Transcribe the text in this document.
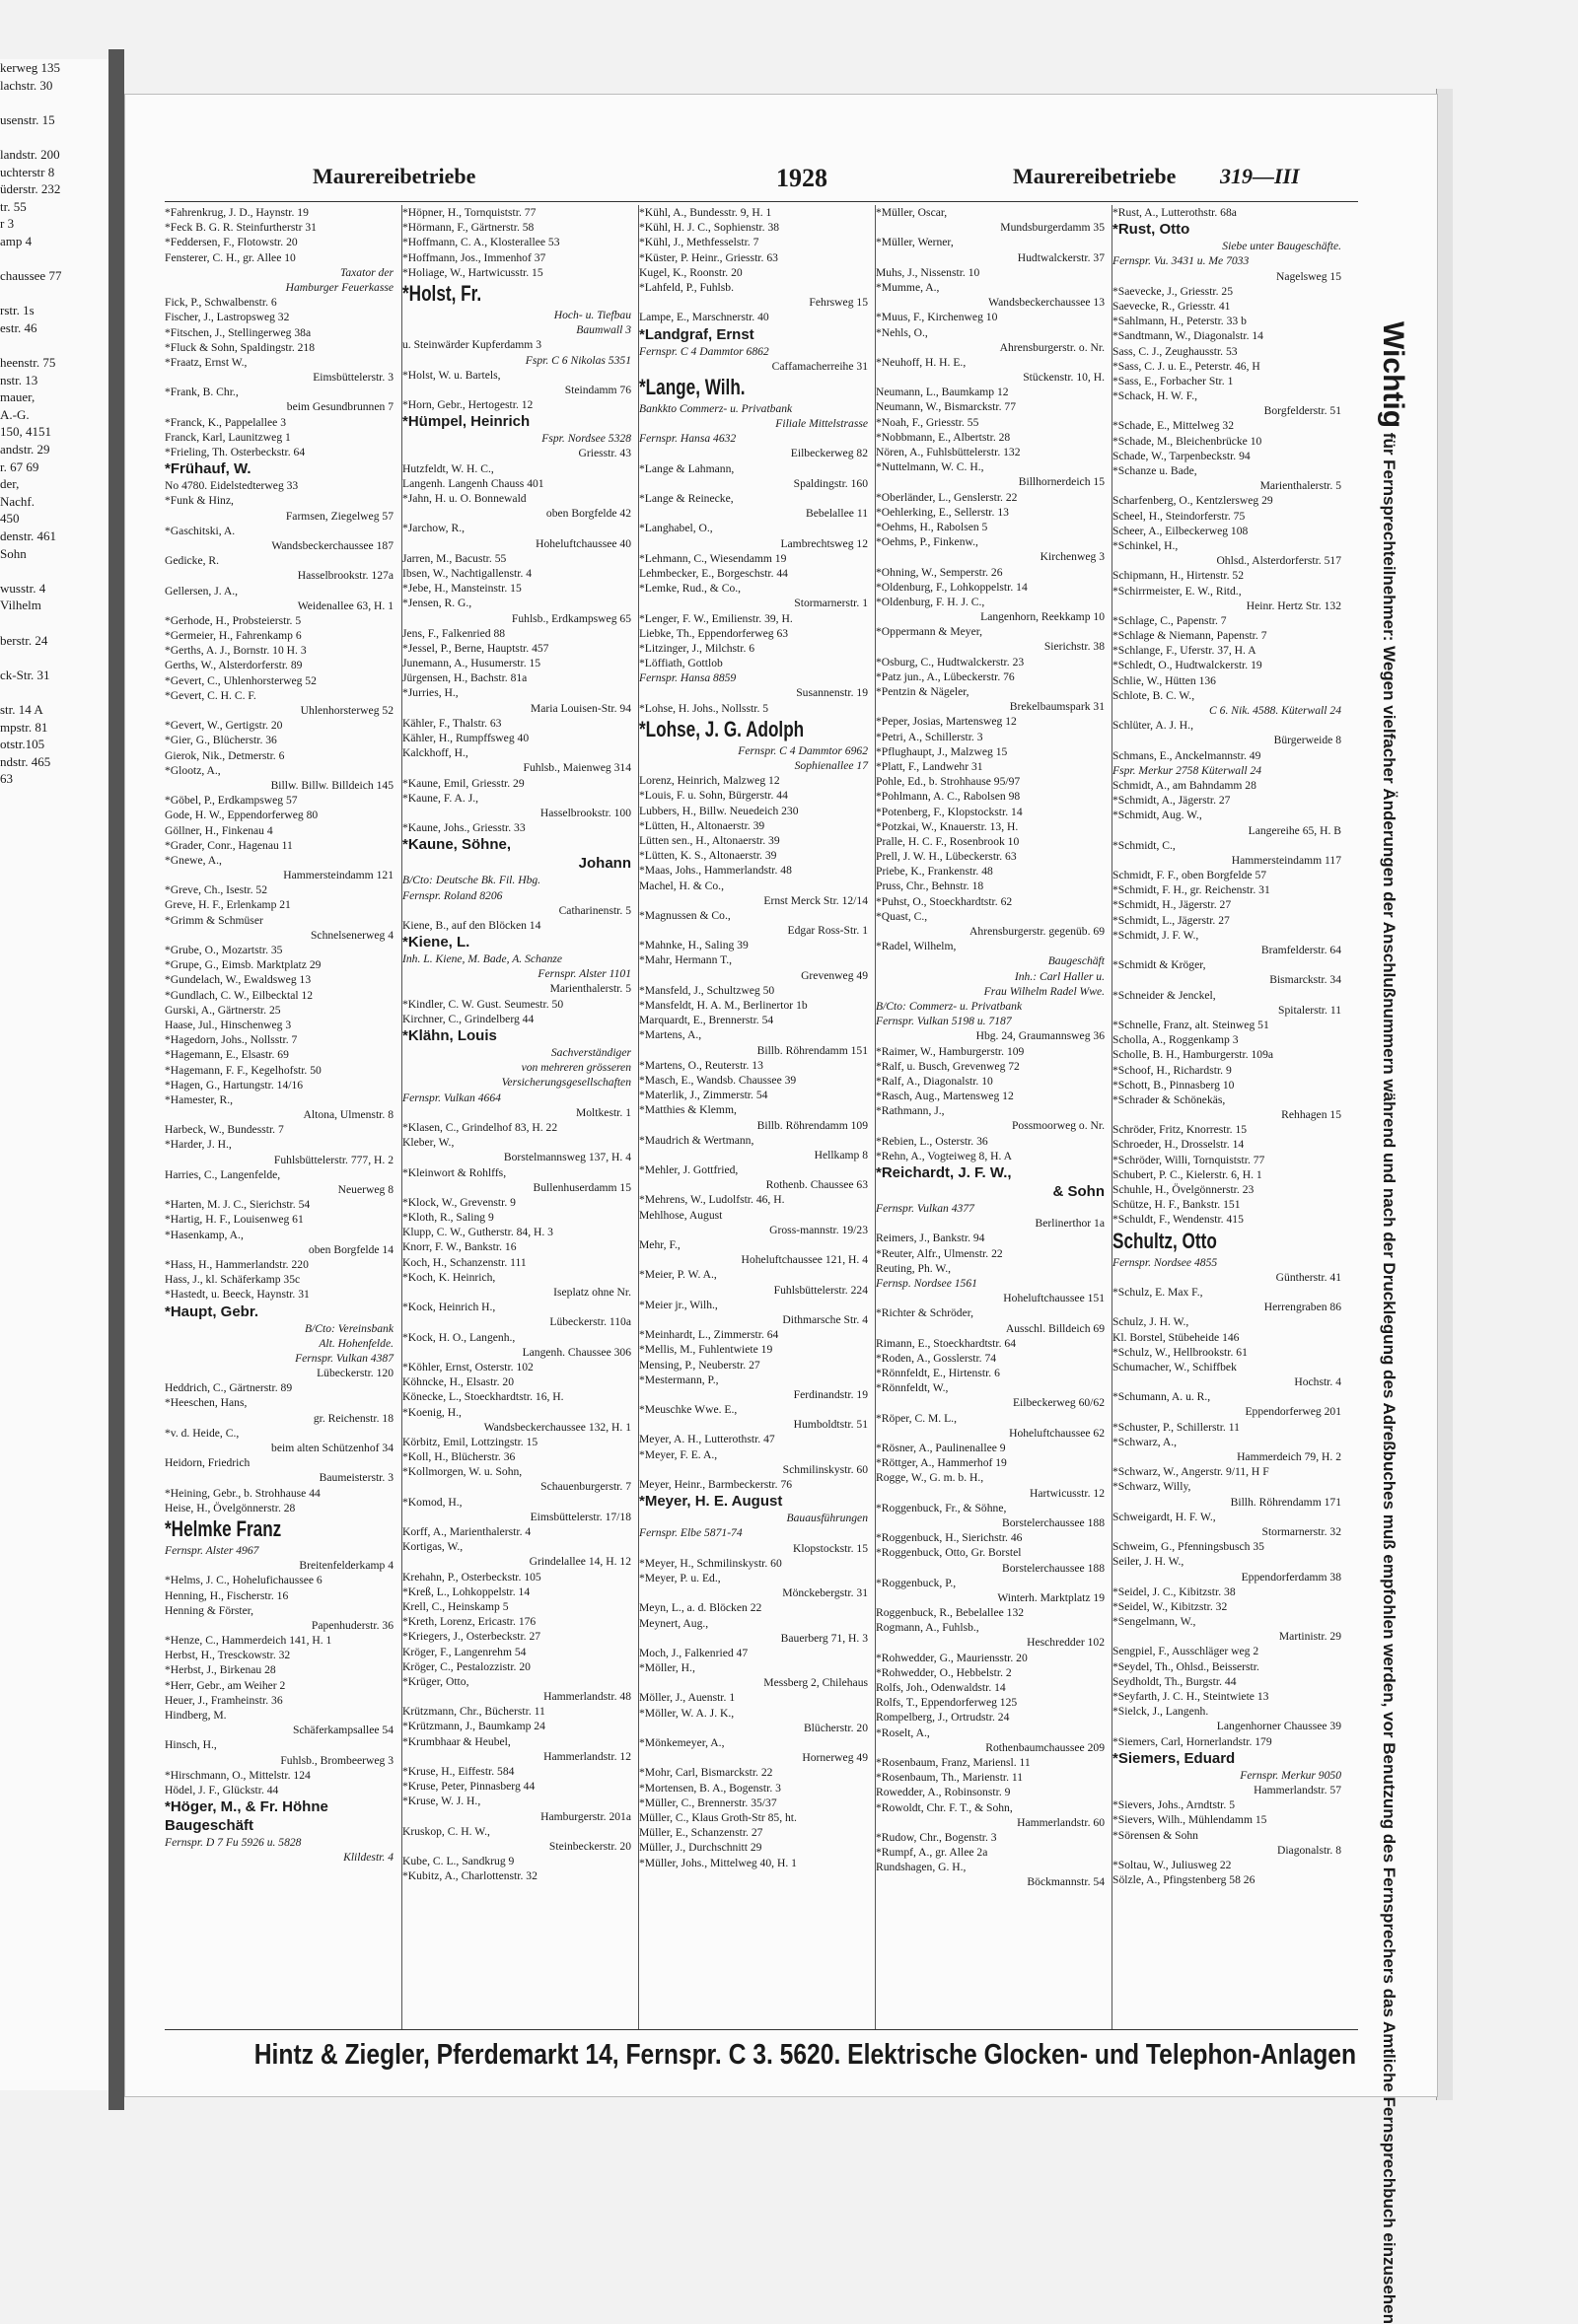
kerweg 135
lachstr. 30
usenstr. 15
landstr. 200
uchterstr 8
üderstr. 232
tr. 55
r 3
amp 4
chaussee 77
rstr. 1s
estr. 46
heenstr. 75
nstr. 13
mauer,
A.-G.
150, 4151
andstr. 29
r. 67 69
der,
Nachf.
450
denstr. 461
Sohn
wusstr. 4
Vilhelm
berstr. 24
ck-Str. 31
str. 14 A
mpstr. 81
otstr.105
ndstr. 465
63
Maurereibetriebe	1928	Maurereibetriebe 319—III
*Fahrenkrug, J. D., Haynstr. 19
*Feck B. G. R. Steinfurtherstr 31
*Feddersen, F., Flotowstr. 20
Fensterer, C. H., gr. Allee 10
Taxator der
Hamburger Feuerkasse
Fick, P., Schwalbenstr. 6
Fischer, J., Lastropsweg 32
*Fitschen, J., Stellingerweg 38a
*Fluck & Sohn, Spaldingstr. 218
*Fraatz, Ernst W.,
Eimsbüttelerstr. 3
*Frank, B. Chr.,
beim Gesundbrunnen 7
*Franck, K., Pappelallee 3
Franck, Karl, Launitzweg 1
*Frieling, Th. Osterbeckstr. 64
*Frühauf, W.
No 4780. Eidelstedterweg 33
*Funk & Hinz,
Farmsen, Ziegelweg 57
*Gaschitski, A.
Wandsbeckerchaussee 187
Gedicke, R.
Hasselbrookstr. 127a
Gellersen, J. A.,
Weidenallee 63, H. 1
*Gerhode, H., Probsteierstr. 5
*Germeier, H., Fahrenkamp 6
*Gerths, A. J., Bornstr. 10 H. 3
Gerths, W., Alsterdorferstr. 89
*Gevert, C., Uhlenhorsterweg 52
*Gevert, C. H. C. F.
Uhlenhorsterweg 52
*Gevert, W., Gertigstr. 20
*Gier, G., Blücherstr. 36
Gierok, Nik., Detmerstr. 6
*Glootz, A.,
Billw. Billw. Billdeich 145
*Göbel, P., Erdkampsweg 57
Gode, H. W., Eppendorferweg 80
Göllner, H., Finkenau 4
*Grader, Conr., Hagenau 11
*Gnewe, A.,
Hammersteindamm 121
*Greve, Ch., Isestr. 52
Greve, H. F., Erlenkamp 21
*Grimm & Schmüser
Schnelsenerweg 4
*Grube, O., Mozartstr. 35
*Grupe, G., Eimsb. Marktplatz 29
*Gundelach, W., Ewaldsweg 13
*Gundlach, C. W., Eilbecktal 12
Gurski, A., Gärtnerstr. 25
Haase, Jul., Hinschenweg 3
*Hagedorn, Johs., Nollsstr. 7
*Hagemann, E., Elsastr. 69
*Hagemann, F. F., Kegelhofstr. 50
*Hagen, G., Hartungstr. 14/16
*Hamester, R.,
Altona, Ulmenstr. 8
Harbeck, W., Bundesstr. 7
*Harder, J. H.,
Fuhlsbüttelerstr. 777, H. 2
Harries, C., Langenfelde,
Neuerweg 8
*Harten, M. J. C., Sierichstr. 54
*Hartig, H. F., Louisenweg 61
*Hasenkamp, A.,
oben Borgfelde 14
*Hass, H., Hammerlandstr. 220
Hass, J., kl. Schäferkamp 35c
*Hastedt, u. Beeck, Haynstr. 31
*Haupt, Gebr.
B/Cto: Vereinsbank
Alt. Hohenfelde.
Fernspr. Vulkan 4387
Lübeckerstr. 120
Heddrich, C., Gärtnerstr. 89
*Heeschen, Hans,
gr. Reichenstr. 18
*v. d. Heide, C.,
beim alten Schützenhof 34
Heidorn, Friedrich
Baumeisterstr. 3
*Heining, Gebr., b. Strohhause 44
Heise, H., Övelgönnerstr. 28
*Helmke Franz
Fernspr. Alster 4967
Breitenfelderkamp 4
*Helms, J. C., Hohelufichaussee 6
Henning, H., Fischerstr. 16
Henning & Förster,
Papenhuderstr. 36
*Henze, C., Hammerdeich 141, H. 1
Herbst, H., Tresckowstr. 32
*Herbst, J., Birkenau 28
*Herr, Gebr., am Weiher 2
Heuer, J., Framheinstr. 36
Hindberg, M.
Schäferkampsallee 54
Hinsch, H.,
Fuhlsb., Brombeerweg 3
*Hirschmann, O., Mittelstr. 124
Hödel, J. F., Glückstr. 44
*Höger, M., & Fr. Höhne
Baugeschäft
Fernspr. D 7 Fu 5926 u. 5828
Klildestr. 4
*Höpner, H., Tornquiststr. 77
*Hörmann, F., Gärtnerstr. 58
*Hoffmann, C. A., Klosterallee 53
*Hoffmann, Jos., Immenhof 37
*Holiage, W., Hartwicusstr. 15
*Holst, Fr.
Hoch- u. Tiefbau
Baumwall 3
u. Steinwärder Kupferdamm 3
Fspr. C 6 Nikolas 5351
*Holst, W. u. Bartels,
Steindamm 76
*Horn, Gebr., Hertogestr. 12
*Hümpel, Heinrich
Fspr. Nordsee 5328
Griesstr. 43
Hutzfeldt, W. H. C.,
Langenh. Langenh Chauss 401
*Jahn, H. u. O. Bonnewald
oben Borgfelde 42
*Jarchow, R.,
Hoheluftchaussee 40
Jarren, M., Bacustr. 55
Ibsen, W., Nachtigallenstr. 4
*Jebe, H., Mansteinstr. 15
*Jensen, R. G.,
Fuhlsb., Erdkampsweg 65
Jens, F., Falkenried 88
*Jessel, P., Berne, Hauptstr. 457
Junemann, A., Husumerstr. 15
Jürgensen, H., Bachstr. 81a
*Jurries, H.,
Maria Louisen-Str. 94
Kähler, F., Thalstr. 63
Kähler, H., Rumpffsweg 40
Kalckhoff, H.,
Fuhlsb., Maienweg 314
*Kaune, Emil, Griesstr. 29
*Kaune, F. A. J.,
Hasselbrookstr. 100
*Kaune, Johs., Griesstr. 33
*Kaune, Söhne,
Johann
B/Cto: Deutsche Bk. Fil. Hbg.
Fernspr. Roland 8206
Catharinenstr. 5
Kiene, B., auf den Blöcken 14
*Kiene, L.
Inh. L. Kiene, M. Bade, A. Schanze
Fernspr. Alster 1101
Marienthalerstr. 5
*Kindler, C. W. Gust. Seumestr. 50
Kirchner, C., Grindelberg 44
*Klähn, Louis
Sachverständiger
von mehreren grösseren
Versicherungsgesellschaften
Fernspr. Vulkan 4664
Moltkestr. 1
*Klasen, C., Grindelhof 83, H. 22
Kleber, W.,
Borstelmannsweg 137, H. 4
*Kleinwort & Rohlffs,
Bullenhuserdamm 15
*Klock, W., Grevenstr. 9
*Kloth, R., Saling 9
Klupp, C. W., Gutherstr. 84, H. 3
Knorr, F. W., Bankstr. 16
Koch, H., Schanzenstr. 111
*Koch, K. Heinrich,
Iseplatz ohne Nr.
*Kock, Heinrich H.,
Lübeckerstr. 110a
*Kock, H. O., Langenh.,
Langenh. Chaussee 306
*Köhler, Ernst, Osterstr. 102
Köhncke, H., Elsastr. 20
Könecke, L., Stoeckhardtstr. 16, H.
*Koenig, H.,
Wandsbeckerchaussee 132, H. 1
Körbitz, Emil, Lottzingstr. 15
*Koll, H., Blücherstr. 36
*Kollmorgen, W. u. Sohn,
Schauenburgerstr. 7
*Komod, H.,
Eimsbüttelerstr. 17/18
Korff, A., Marienthalerstr. 4
Kortigas, W.,
Grindelallee 14, H. 12
Krehahn, P., Osterbeckstr. 105
*Kreß, L., Lohkoppelstr. 14
Krell, C., Heinskamp 5
*Kreth, Lorenz, Ericastr. 176
*Kriegers, J., Osterbeckstr. 27
Kröger, F., Langenrehm 54
Kröger, C., Pestalozzistr. 20
*Krüger, Otto,
Hammerlandstr. 48
Krützmann, Chr., Bücherstr. 11
*Krützmann, J., Baumkamp 24
*Krumbhaar & Heubel,
Hammerlandstr. 12
*Kruse, H., Eiffestr. 584
*Kruse, Peter, Pinnasberg 44
*Kruse, W. J. H.,
Hamburgerstr. 201a
Kruskop, C. H. W.,
Steinbeckerstr. 20
Kube, C. L., Sandkrug 9
*Kubitz, A., Charlottenstr. 32
*Kühl, A., Bundesstr. 9, H. 1
*Kühl, H. J. C., Sophienstr. 38
*Kühl, J., Methfesselstr. 7
*Küster, P. Heinr., Griesstr. 63
Kugel, K., Roonstr. 20
*Lahfeld, P., Fuhlsb.
Fehrsweg 15
Lampe, E., Marschnerstr. 40
*Landgraf, Ernst
Fernspr. C 4 Dammtor 6862
Caffamacherreihe 31
*Lange, Wilh.
Bankkto Commerz- u. Privatbank
Filiale Mittelstrasse
Fernspr. Hansa 4632
Eilbeckerweg 82
*Lange & Lahmann,
Spaldingstr. 160
*Lange & Reinecke,
Bebelallee 11
*Langhabel, O.,
Lambrechtsweg 12
*Lehmann, C., Wiesendamm 19
Lehmbecker, E., Borgeschstr. 44
*Lemke, Rud., & Co.,
Stormarnerstr. 1
*Lenger, F. W., Emilienstr. 39, H.
Liebke, Th., Eppendorferweg 63
*Litzinger, J., Milchstr. 6
*Löffiath, Gottlob
Fernspr. Hansa 8859
Susannenstr. 19
*Lohse, H. Johs., Nollsstr. 5
*Lohse, J. G. Adolph
Fernspr. C 4 Dammtor 6962
Sophienallee 17
Lorenz, Heinrich, Malzweg 12
*Louis, F. u. Sohn, Bürgerstr. 44
Lubbers, H., Billw. Neuedeich 230
*Lütten, H., Altonaerstr. 39
Lütten sen., H., Altonaerstr. 39
*Lütten, K. S., Altonaerstr. 39
*Maas, Johs., Hammerlandstr. 48
Machel, H. & Co.,
Ernst Merck Str. 12/14
*Magnussen & Co.,
Edgar Ross-Str. 1
*Mahnke, H., Saling 39
*Mahr, Hermann T.,
Grevenweg 49
*Mansfeld, J., Schultzweg 50
*Mansfeldt, H. A. M., Berlinertor 1b
Marquardt, E., Brennerstr. 54
*Martens, A.,
Billb. Röhrendamm 151
*Martens, O., Reuterstr. 13
*Masch, E., Wandsb. Chaussee 39
*Materlik, J., Zimmerstr. 54
*Matthies & Klemm,
Billb. Röhrendamm 109
*Maudrich & Wertmann,
Hellkamp 8
*Mehler, J. Gottfried,
Rothenb. Chaussee 63
*Mehrens, W., Ludolfstr. 46, H.
Mehlhose, August
Gross-mannstr. 19/23
Mehr, F.,
Hoheluftchaussee 121, H. 4
*Meier, P. W. A.,
Fuhlsbüttelerstr. 224
*Meier jr., Wilh.,
Dithmarsche Str. 4
*Meinhardt, L., Zimmerstr. 64
*Mellis, M., Fuhlentwiete 19
Mensing, P., Neuberstr. 27
*Mestermann, P.,
Ferdinandstr. 19
*Meuschke Wwe. E.,
Humboldtstr. 51
Meyer, A. H., Lutterothstr. 47
*Meyer, F. E. A.,
Schmilinskystr. 60
Meyer, Heinr., Barmbeckerstr. 76
*Meyer, H. E. August
Bauausführungen
Fernspr. Elbe 5871-74
Klopstockstr. 15
*Meyer, H., Schmilinskystr. 60
*Meyer, P. u. Ed.,
Mönckebergstr. 31
Meyn, L., a. d. Blöcken 22
Meynert, Aug.,
Bauerberg 71, H. 3
Moch, J., Falkenried 47
*Möller, H.,
Messberg 2, Chilehaus
Möller, J., Auenstr. 1
*Möller, W. A. J. K.,
Blücherstr. 20
*Mönkemeyer, A.,
Hornerweg 49
*Mohr, Carl, Bismarckstr. 22
*Mortensen, B. A., Bogenstr. 3
*Müller, C., Brennerstr. 35/37
Müller, C., Klaus Groth-Str 85, ht.
Müller, E., Schanzenstr. 27
Müller, J., Durchschnitt 29
*Müller, Johs., Mittelweg 40, H. 1
*Müller, Oscar,
Mundsburgerdamm 35
*Müller, Werner,
Hudtwalckerstr. 37
Muhs, J., Nissenstr. 10
*Mumme, A.,
Wandsbeckerchaussee 13
*Muus, F., Kirchenweg 10
*Nehls, O.,
Ahrensburgerstr. o. Nr.
*Neuhoff, H. H. E.,
Stückenstr. 10, H.
Neumann, L., Baumkamp 12
Neumann, W., Bismarckstr. 77
*Noah, F., Griesstr. 55
*Nobbmann, E., Albertstr. 28
Nören, A., Fuhlsbüttelerstr. 132
*Nuttelmann, W. C. H.,
Billhornerdeich 15
*Oberländer, L., Genslerstr. 22
*Oehlerking, E., Sellerstr. 13
*Oehms, H., Rabolsen 5
*Oehms, P., Finkenw.,
Kirchenweg 3
*Ohning, W., Semperstr. 26
*Oldenburg, F., Lohkoppelstr. 14
*Oldenburg, F. H. J. C.,
Langenhorn, Reekkamp 10
*Oppermann & Meyer,
Sierichstr. 38
*Osburg, C., Hudtwalckerstr. 23
*Patz jun., A., Lübeckerstr. 76
*Pentzin & Nägeler,
Brekelbaumspark 31
*Peper, Josias, Martensweg 12
*Petri, A., Schillerstr. 3
*Pflughaupt, J., Malzweg 15
*Platt, F., Landwehr 31
Pohle, Ed., b. Strohhause 95/97
*Pohlmann, A. C., Rabolsen 98
*Potenberg, F., Klopstockstr. 14
*Potzkai, W., Knauerstr. 13, H.
Pralle, H. C. F., Rosenbrook 10
Prell, J. W. H., Lübeckerstr. 63
Priebe, K., Frankenstr. 48
Pruss, Chr., Behnstr. 18
*Puhst, O., Stoeckhardtstr. 62
*Quast, C.,
Ahrensburgerstr. gegenüb. 69
*Radel, Wilhelm,
Baugeschäft
Inh.: Carl Haller u.
Frau Wilhelm Radel Wwe.
B/Cto: Commerz- u. Privatbank
Fernspr. Vulkan 5198 u. 7187
Hbg. 24, Graumannsweg 36
*Raimer, W., Hamburgerstr. 109
*Ralf, u. Busch, Grevenweg 72
*Ralf, A., Diagonalstr. 10
*Rasch, Aug., Martensweg 12
*Rathmann, J.,
Possmoorweg o. Nr.
*Rebien, L., Osterstr. 36
*Rehn, A., Vogteiweg 8, H. A
*Reichardt, J. F. W.,
& Sohn
Fernspr. Vulkan 4377
Berlinerthor 1a
Reimers, J., Bankstr. 94
*Reuter, Alfr., Ulmenstr. 22
Reuting, Ph. W.,
Fernsp. Nordsee 1561
Hoheluftchaussee 151
*Richter & Schröder,
Ausschl. Billdeich 69
Rimann, E., Stoeckhardtstr. 64
*Roden, A., Gosslerstr. 74
*Rönnfeldt, E., Hirtenstr. 6
*Rönnfeldt, W.,
Eilbeckerweg 60/62
*Röper, C. M. L.,
Hoheluftchaussee 62
*Rösner, A., Paulinenallee 9
*Röttger, A., Hammerhof 19
Rogge, W., G. m. b. H.,
Hartwicusstr. 12
*Roggenbuck, Fr., & Söhne,
Borstelerchaussee 188
*Roggenbuck, H., Sierichstr. 46
*Roggenbuck, Otto, Gr. Borstel
Borstelerchaussee 188
*Roggenbuck, P.,
Winterh. Marktplatz 19
Roggenbuck, R., Bebelallee 132
Rogmann, A., Fuhlsb.,
Heschredder 102
*Rohwedder, G., Mauriensstr. 20
*Rohwedder, O., Hebbelstr. 2
Rolfs, Joh., Odenwaldstr. 14
Rolfs, T., Eppendorferweg 125
Rompelberg, J., Ortrudstr. 24
*Roselt, A.,
Rothenbaumchaussee 209
*Rosenbaum, Franz, Mariensl. 11
*Rosenbaum, Th., Marienstr. 11
Rowedder, A., Robinsonstr. 9
*Rowoldt, Chr. F. T., & Sohn,
Hammerlandstr. 60
*Rudow, Chr., Bogenstr. 3
*Rumpf, A., gr. Allee 2a
Rundshagen, G. H.,
Böckmannstr. 54
*Rust, A., Lutterothstr. 68a
*Rust, Otto
Siebe unter Baugeschäfte.
Fernspr. Vu. 3431 u. Me 7033
Nagelsweg 15
*Saevecke, J., Griesstr. 25
Saevecke, R., Griesstr. 41
*Sahlmann, H., Peterstr. 33 b
*Sandtmann, W., Diagonalstr. 14
Sass, C. J., Zeughausstr. 53
*Sass, C. J. u. E., Peterstr. 46, H
*Sass, E., Forbacher Str. 1
*Schack, H. W. F.,
Borgfelderstr. 51
*Schade, E., Mittelweg 32
*Schade, M., Bleichenbrücke 10
Schade, W., Tarpenbeckstr. 94
*Schanze u. Bade,
Marienthalerstr. 5
Scharfenberg, O., Kentzlersweg 29
Scheel, H., Steindorferstr. 75
Scheer, A., Eilbeckerweg 108
*Schinkel, H.,
Ohlsd., Alsterdorferstr. 517
Schipmann, H., Hirtenstr. 52
*Schirrmeister, E. W., Ritd.,
Heinr. Hertz Str. 132
*Schlage, C., Papenstr. 7
*Schlage & Niemann, Papenstr. 7
*Schlange, F., Uferstr. 37, H. A
*Schledt, O., Hudtwalckerstr. 19
Schlie, W., Hütten 136
Schlote, B. C. W.,
C 6. Nik. 4588. Küterwall 24
Schlüter, A. J. H.,
Bürgerweide 8
Schmans, E., Anckelmannstr. 49
Fspr. Merkur 2758 Küterwall 24
Schmidt, A., am Bahndamm 28
*Schmidt, A., Jägerstr. 27
*Schmidt, Aug. W.,
Langereihe 65, H. B
*Schmidt, C.,
Hammersteindamm 117
Schmidt, F. F., oben Borgfelde 57
*Schmidt, F. H., gr. Reichenstr. 31
*Schmidt, H., Jägerstr. 27
*Schmidt, L., Jägerstr. 27
*Schmidt, J. F. W.,
Bramfelderstr. 64
*Schmidt & Kröger,
Bismarckstr. 34
*Schneider & Jenckel,
Spitalerstr. 11
*Schnelle, Franz, alt. Steinweg 51
Scholla, A., Roggenkamp 3
Scholle, B. H., Hamburgerstr. 109a
*Schoof, H., Richardstr. 9
*Schott, B., Pinnasberg 10
*Schrader & Schönekäs,
Rehhagen 15
Schröder, Fritz, Knorrestr. 15
Schroeder, H., Drosselstr. 14
*Schröder, Willi, Tornquiststr. 77
Schubert, P. C., Kielerstr. 6, H. 1
Schuhle, H., Övelgönnerstr. 23
Schütze, H. F., Bankstr. 151
*Schuldt, F., Wendenstr. 415
Schultz, Otto
Fernspr. Nordsee 4855
Güntherstr. 41
*Schulz, E. Max F.,
Herrengraben 86
Schulz, J. H. W.,
Kl. Borstel, Stübeheide 146
*Schulz, W., Hellbrookstr. 61
Schumacher, W., Schiffbek
Hochstr. 4
*Schumann, A. u. R.,
Eppendorferweg 201
*Schuster, P., Schillerstr. 11
*Schwarz, A.,
Hammerdeich 79, H. 2
*Schwarz, W., Angerstr. 9/11, H F
*Schwarz, Willy,
Billh. Röhrendamm 171
Schweigardt, H. F. W.,
Stormarnerstr. 32
Schweim, G., Pfenningsbusch 35
Seiler, J. H. W.,
Eppendorferdamm 38
*Seidel, J. C., Kibitzstr. 38
*Seidel, W., Kibitzstr. 32
*Sengelmann, W.,
Martinistr. 29
Sengpiel, F., Ausschläger weg 2
*Seydel, Th., Ohlsd., Beisserstr.
Seydholdt, Th., Burgstr. 44
*Seyfarth, J. C. H., Steintwiete 13
*Sielck, J., Langenh.
Langenhorner Chaussee 39
*Siemers, Carl, Hornerlandstr. 179
*Siemers, Eduard
Fernspr. Merkur 9050
Hammerlandstr. 57
*Sievers, Johs., Arndtstr. 5
*Sievers, Wilh., Mühlendamm 15
*Sörensen & Sohn
Diagonalstr. 8
*Soltau, W., Juliusweg 22
Sölzle, A., Pfingstenberg 58 26
Wichtig für Fernsprechteilnehmer: Wegen vielfacher Änderungen der Anschlußnummern während und nach der Drucklegung des Adreßbuches muß empfohlen werden, vor Benutzung des Fernsprechers das Amtliche Fernsprechbuch einzusehen
Hintz & Ziegler, Pferdemarkt 14, Fernspr. C 3. 5620. Elektrische Glocken- und Telephon-Anlagen
